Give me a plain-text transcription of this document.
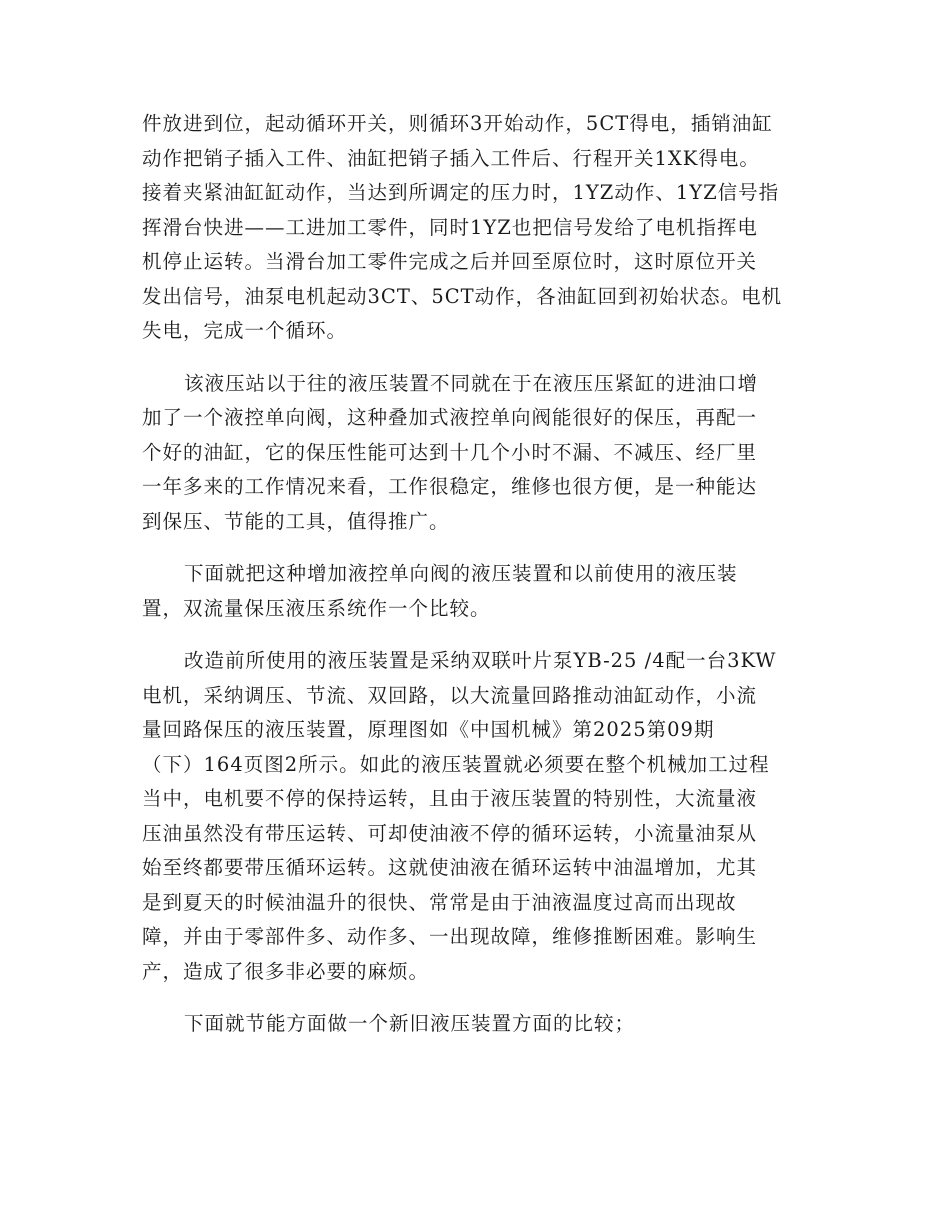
件放进到位，起动循环开关，则循环3开始动作，5CT得电，插销油缸
动作把销子插入工件、油缸把销子插入工件后、行程开关1XK得电。
接着夹紧油缸缸动作，当达到所调定的压力时，1YZ动作、1YZ信号指
挥滑台快进——工进加工零件，同时1YZ也把信号发给了电机指挥电
机停止运转。当滑台加工零件完成之后并回至原位时，这时原位开关
发出信号，油泵电机起动3CT、5CT动作，各油缸回到初始状态。电机
失电，完成一个循环。
该液压站以于往的液压装置不同就在于在液压压紧缸的进油口增
加了一个液控单向阀，这种叠加式液控单向阀能很好的保压，再配一
个好的油缸，它的保压性能可达到十几个小时不漏、不减压、经厂里
一年多来的工作情况来看，工作很稳定，维修也很方便，是一种能达
到保压、节能的工具，值得推广。
下面就把这种增加液控单向阀的液压装置和以前使用的液压装
置，双流量保压液压系统作一个比较。
改造前所使用的液压装置是采纳双联叶片泵YB-25 /4配一台3KW
电机，采纳调压、节流、双回路，以大流量回路推动油缸动作，小流
量回路保压的液压装置，原理图如《中国机械》第2025第09期
（下）164页图2所示。如此的液压装置就必须要在整个机械加工过程
当中，电机要不停的保持运转，且由于液压装置的特别性，大流量液
压油虽然没有带压运转、可却使油液不停的循环运转，小流量油泵从
始至终都要带压循环运转。这就使油液在循环运转中油温增加，尤其
是到夏天的时候油温升的很快、常常是由于油液温度过高而出现故
障，并由于零部件多、动作多、一出现故障，维修推断困难。影响生
产，造成了很多非必要的麻烦。
下面就节能方面做一个新旧液压装置方面的比较；
